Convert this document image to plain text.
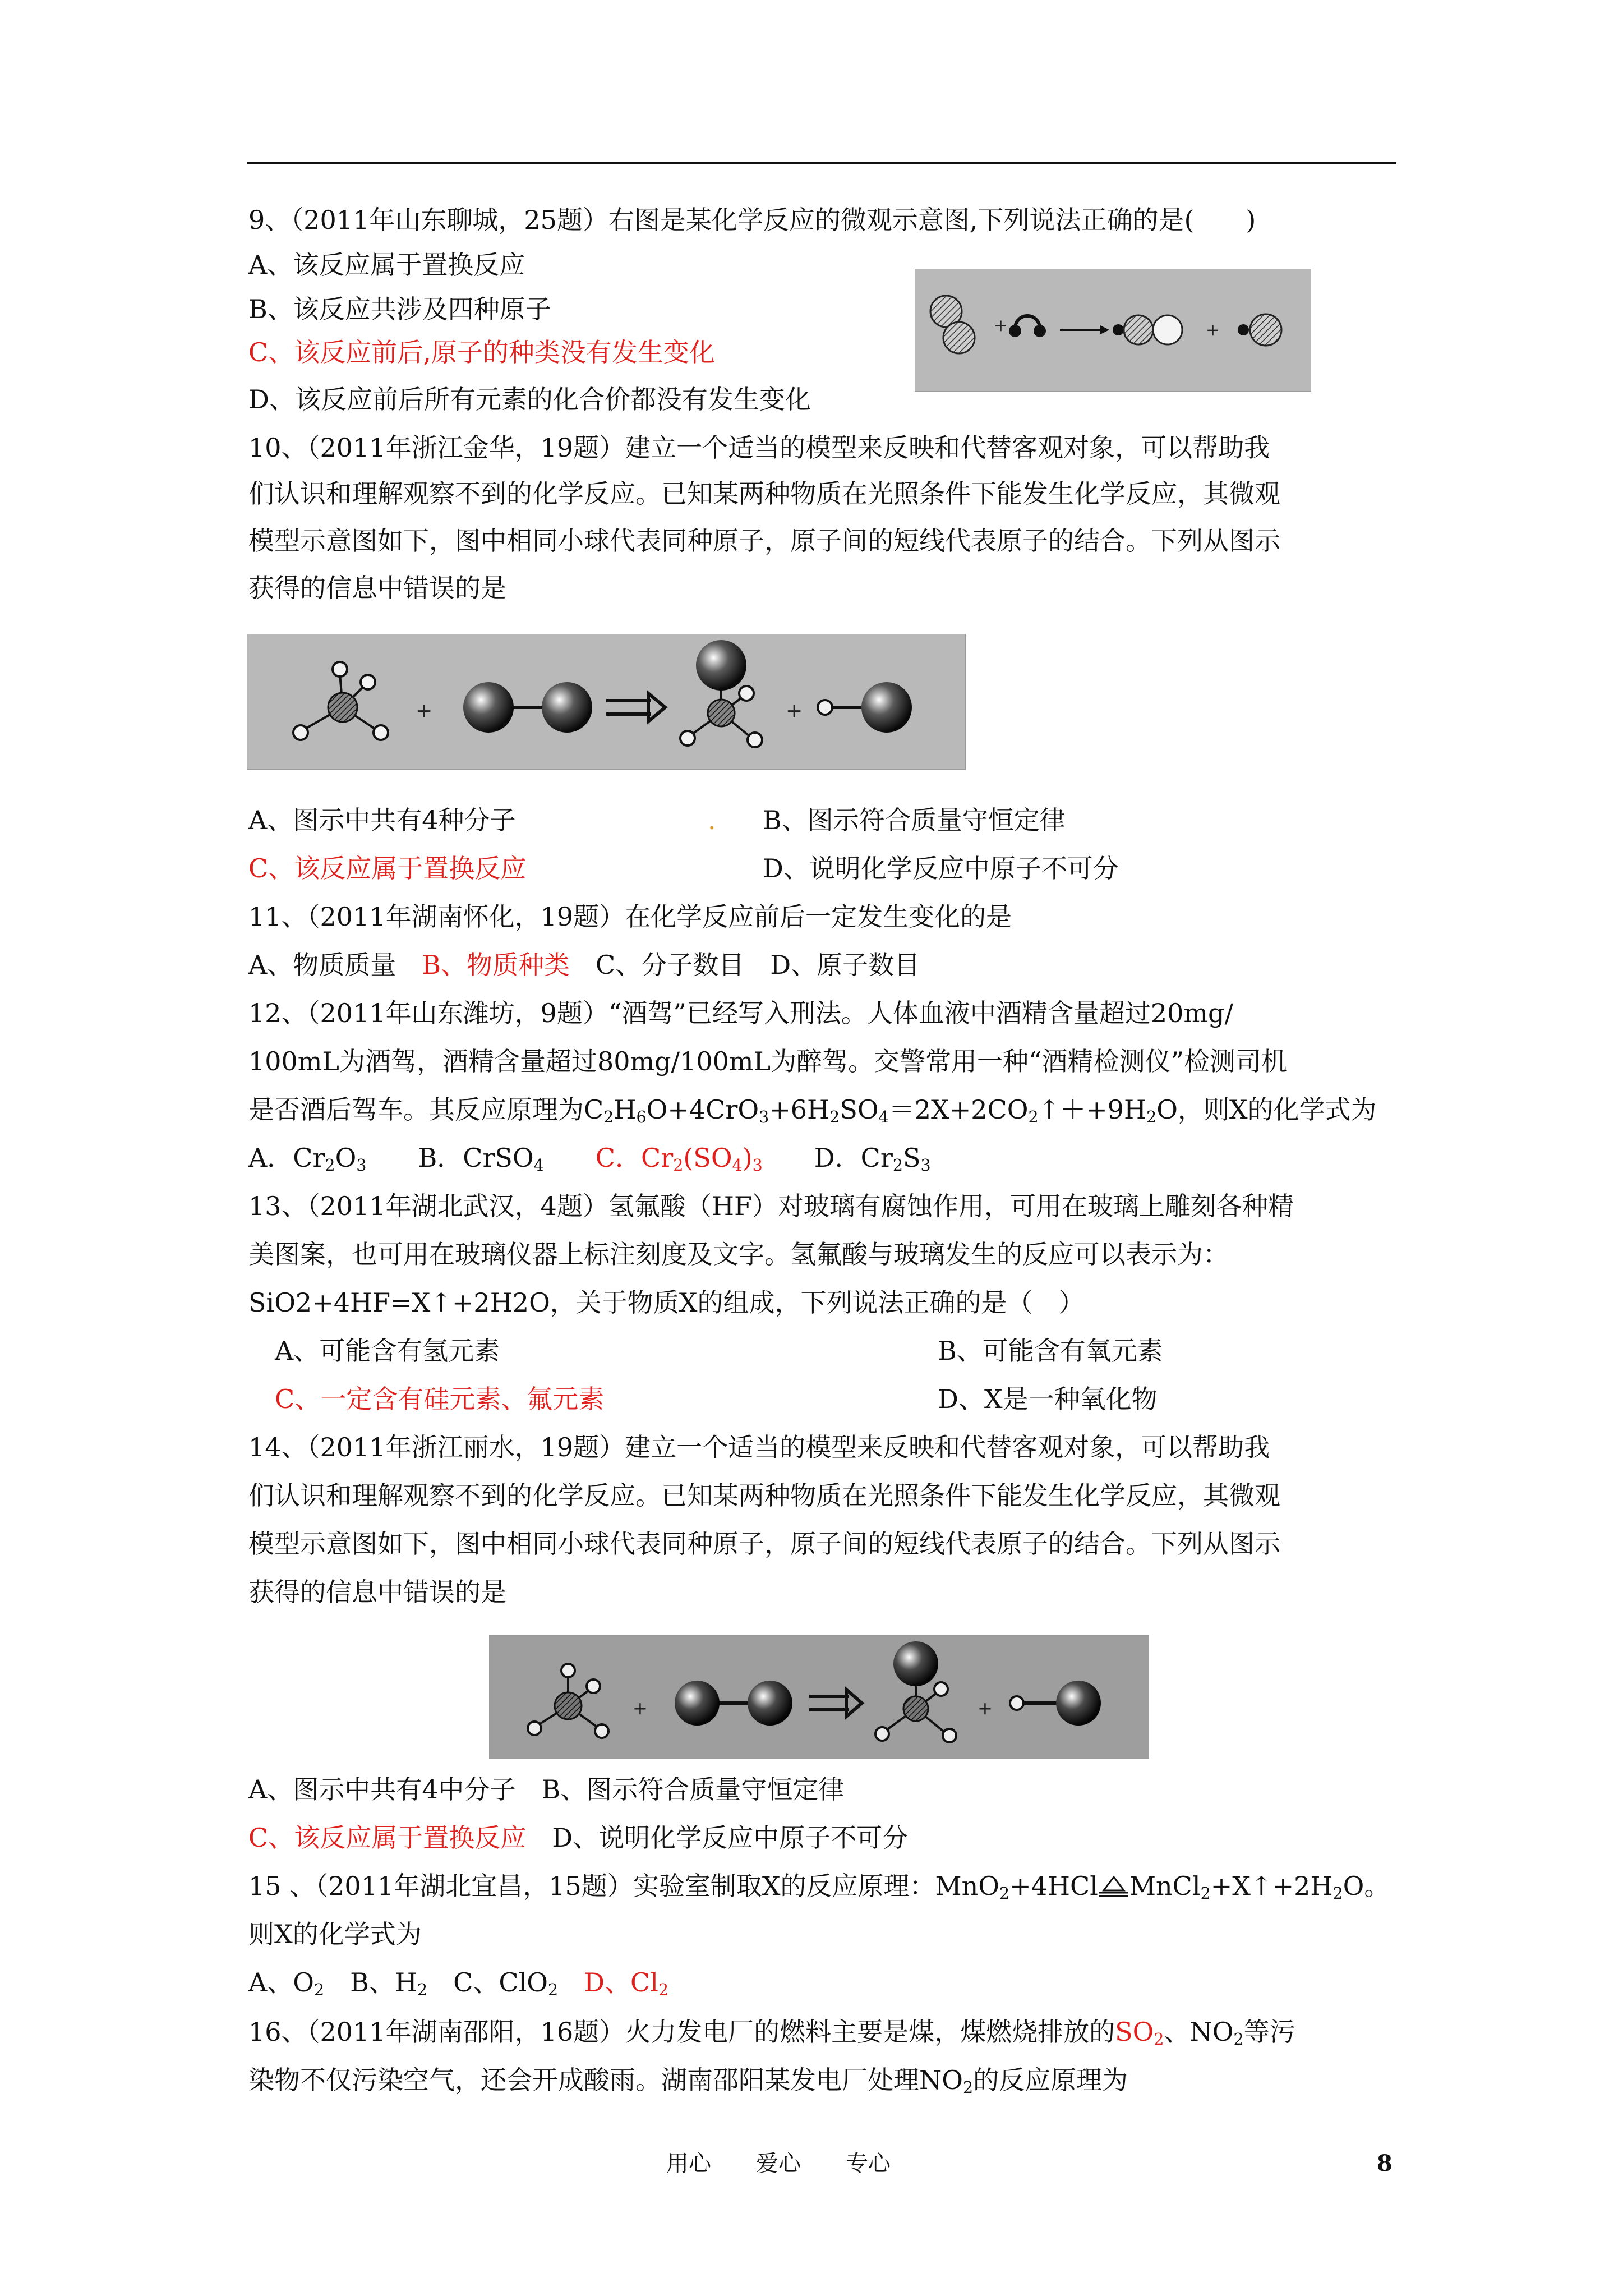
9、（2011年山东聊城，25题）右图是某化学反应的微观示意图,下列说法正确的是(　　)
A、该反应属于置换反应
B、该反应共涉及四种原子
C、该反应前后,原子的种类没有发生变化
D、该反应前后所有元素的化合价都没有发生变化
+	+
10、（2011年浙江金华，19题）建立一个适当的模型来反映和代替客观对象，可以帮助我
们认识和理解观察不到的化学反应。已知某两种物质在光照条件下能发生化学反应，其微观
模型示意图如下，图中相同小球代表同种原子，原子间的短线代表原子的结合。下列从图示
获得的信息中错误的是
+	+
A、图示中共有4种分子	. B、图示符合质量守恒定律
C、该反应属于置换反应	D、说明化学反应中原子不可分
11、（2011年湖南怀化，19题）在化学反应前后一定发生变化的是
A、物质质量　 B、物质种类　 C、分子数目　 D、原子数目
12、（2011年山东潍坊，9题）“酒驾”已经写入刑法。人体血液中酒精含量超过20mg/
100mL为酒驾，酒精含量超过80mg/100mL为醉驾。交警常用一种“酒精检测仪”检测司机
是否酒后驾车。其反应原理为$C_2H_6O+4CrO_3+6H_2SO_4=2X+2CO_2↑++9H_2O$，则X的化学式为
A．$Cr_2O_3$　　 B．CrSO$_4$　　 C．$Cr_2(SO_4)_3$　　 D．$Cr_2S_3$
13、（2011年湖北武汉，4题）氢氟酸（HF）对玻璃有腐蚀作用，可用在玻璃上雕刻各种精
美图案，也可用在玻璃仪器上标注刻度及文字。氢氟酸与玻璃发生的反应可以表示为：
SiO2+4HF=X↑+2H2O，关于物质X的组成，下列说法正确的是（　）
A、可能含有氢元素	B、可能含有氧元素
C、一定含有硅元素、氟元素	D、X是一种氧化物
14、（2011年浙江丽水，19题）建立一个适当的模型来反映和代替客观对象，可以帮助我
们认识和理解观察不到的化学反应。已知某两种物质在光照条件下能发生化学反应，其微观
模型示意图如下，图中相同小球代表同种原子，原子间的短线代表原子的结合。下列从图示
获得的信息中错误的是
+	+
A、图示中共有4中分子　B、图示符合质量守恒定律
C、该反应属于置换反应　 D、说明化学反应中原子不可分
15 、（2011年湖北宜昌，15题）实验室制取X的反应原理：MnO$_2$+4HCl $MnCl_2+X↑+2H_2O$。
则X的化学式为
A、$O_2$　 B、$H_2$　 C、ClO$_2$　 D、$Cl_2$
16、（2011年湖南邵阳，16题）火力发电厂的燃料主要是煤，煤燃烧排放的$SO_2$、$NO_2$等污
染物不仅污染空气，还会开成酸雨。湖南邵阳某发电厂处理$NO_2$的反应原理为
用心　　爱心　　专心	8
